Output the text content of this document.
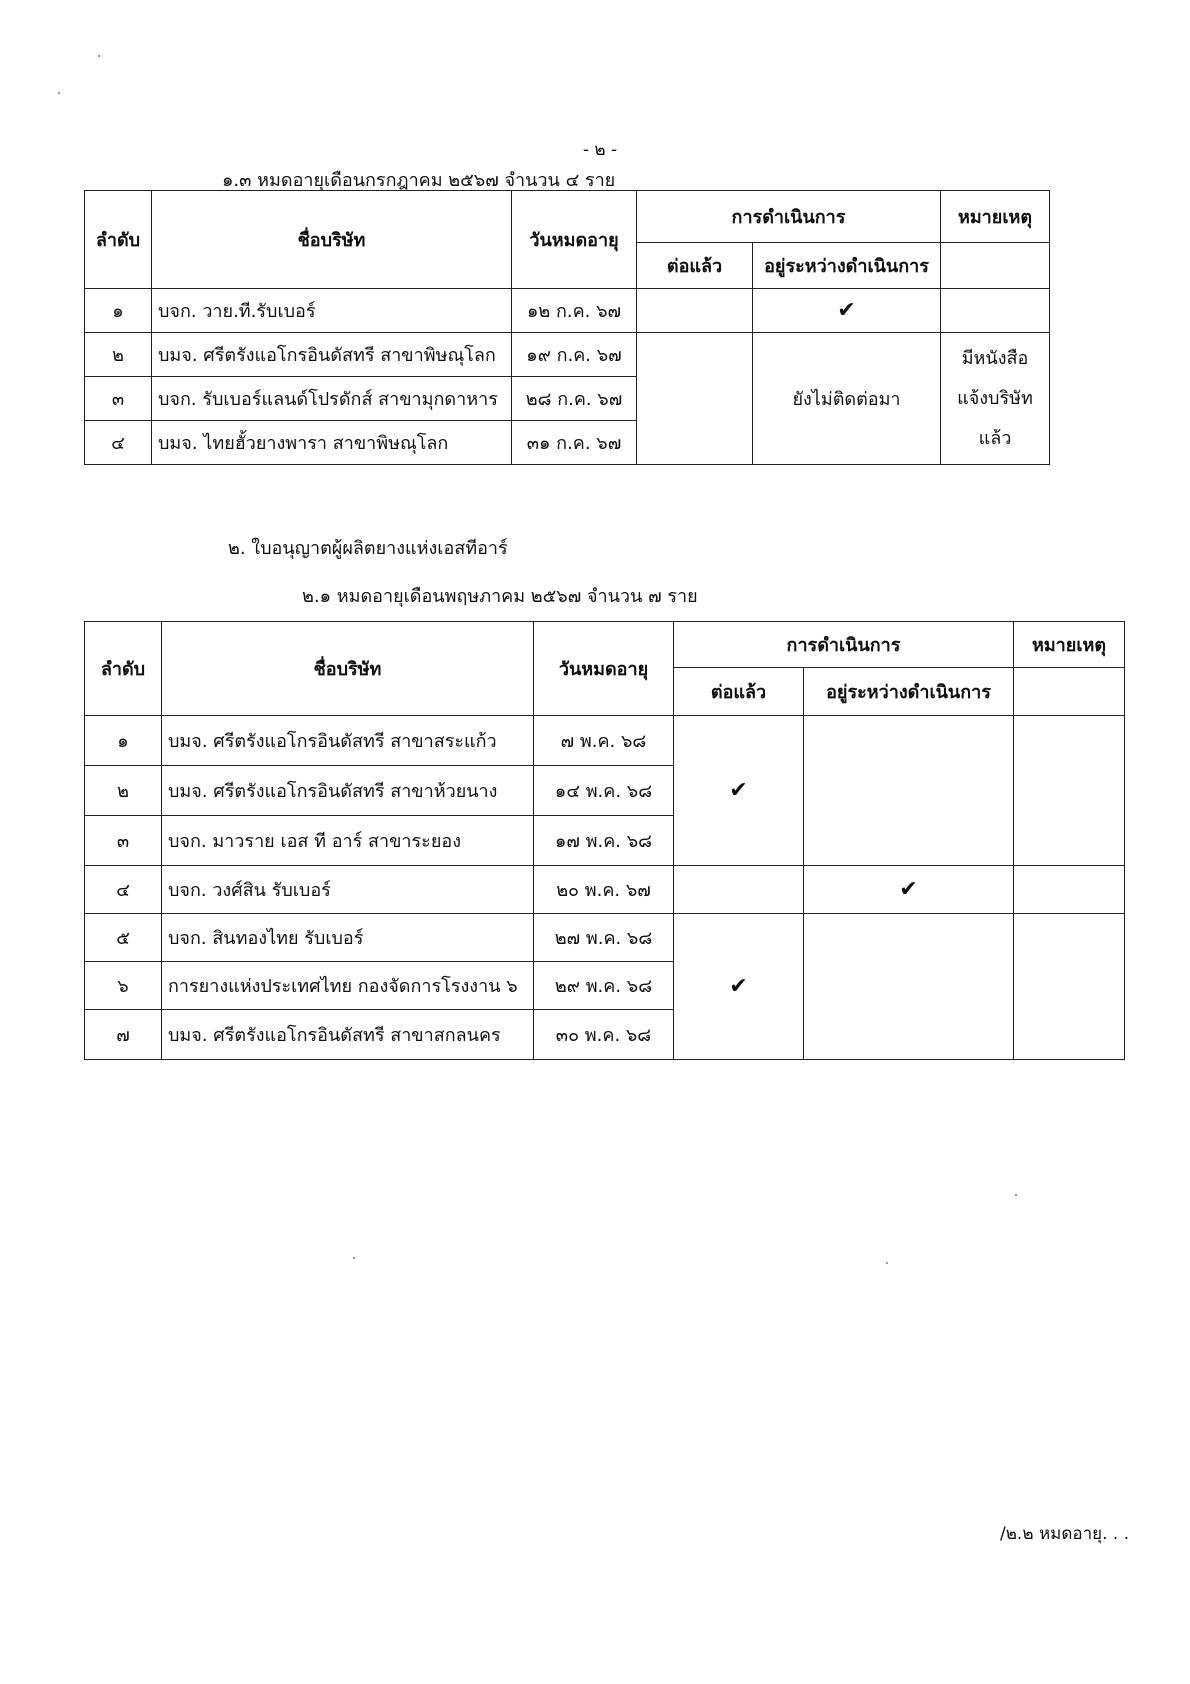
- ๒ -
๑.๓ หมดอายุเดือนกรกฎาคม ๒๕๖๗ จำนวน ๔ ราย
ลำดับ	ชื่อบริษัท	วันหมดอายุ	การดำเนินการ		หมายเหตุ
			ต่อแล้ว	อยู่ระหว่างดำเนินการ	
๑	บจก. วาย.ที.รับเบอร์	๑๒ ก.ค. ๖๗		✔	
๒	บมจ. ศรีตรังแอโกรอินดัสทรี สาขาพิษณุโลก	๑๙ ก.ค. ๖๗		ยังไม่ติดต่อมา	มีหนังสือ
แจ้งบริษัท
แล้ว

๓	บจก. รับเบอร์แลนด์โปรดักส์ สาขามุกดาหาร	๒๘ ก.ค. ๖๗			
๔	บมจ. ไทยฮั้วยางพารา สาขาพิษณุโลก	๓๑ ก.ค. ๖๗			
๒. ใบอนุญาตผู้ผลิตยางแห่งเอสทีอาร์
๒.๑ หมดอายุเดือนพฤษภาคม ๒๕๖๗ จำนวน ๗ ราย
ลำดับ	ชื่อบริษัท	วันหมดอายุ	การดำเนินการ		หมายเหตุ
			ต่อแล้ว	อยู่ระหว่างดำเนินการ	
๑	บมจ. ศรีตรังแอโกรอินดัสทรี สาขาสระแก้ว	๗ พ.ค. ๖๘	✔		
๒	บมจ. ศรีตรังแอโกรอินดัสทรี สาขาห้วยนาง	๑๔ พ.ค. ๖๘			
๓	บจก. มาวราย เอส ที อาร์ สาขาระยอง	๑๗ พ.ค. ๖๘			
๔	บจก. วงศ์สิน รับเบอร์	๒๐ พ.ค. ๖๗		✔	
๕	บจก. สินทองไทย รับเบอร์	๒๗ พ.ค. ๖๘	✔		
๖	การยางแห่งประเทศไทย กองจัดการโรงงาน ๖	๒๙ พ.ค. ๖๘			
๗	บมจ. ศรีตรังแอโกรอินดัสทรี สาขาสกลนคร	๓๐ พ.ค. ๖๘			
/๒.๒ หมดอายุ. . .
